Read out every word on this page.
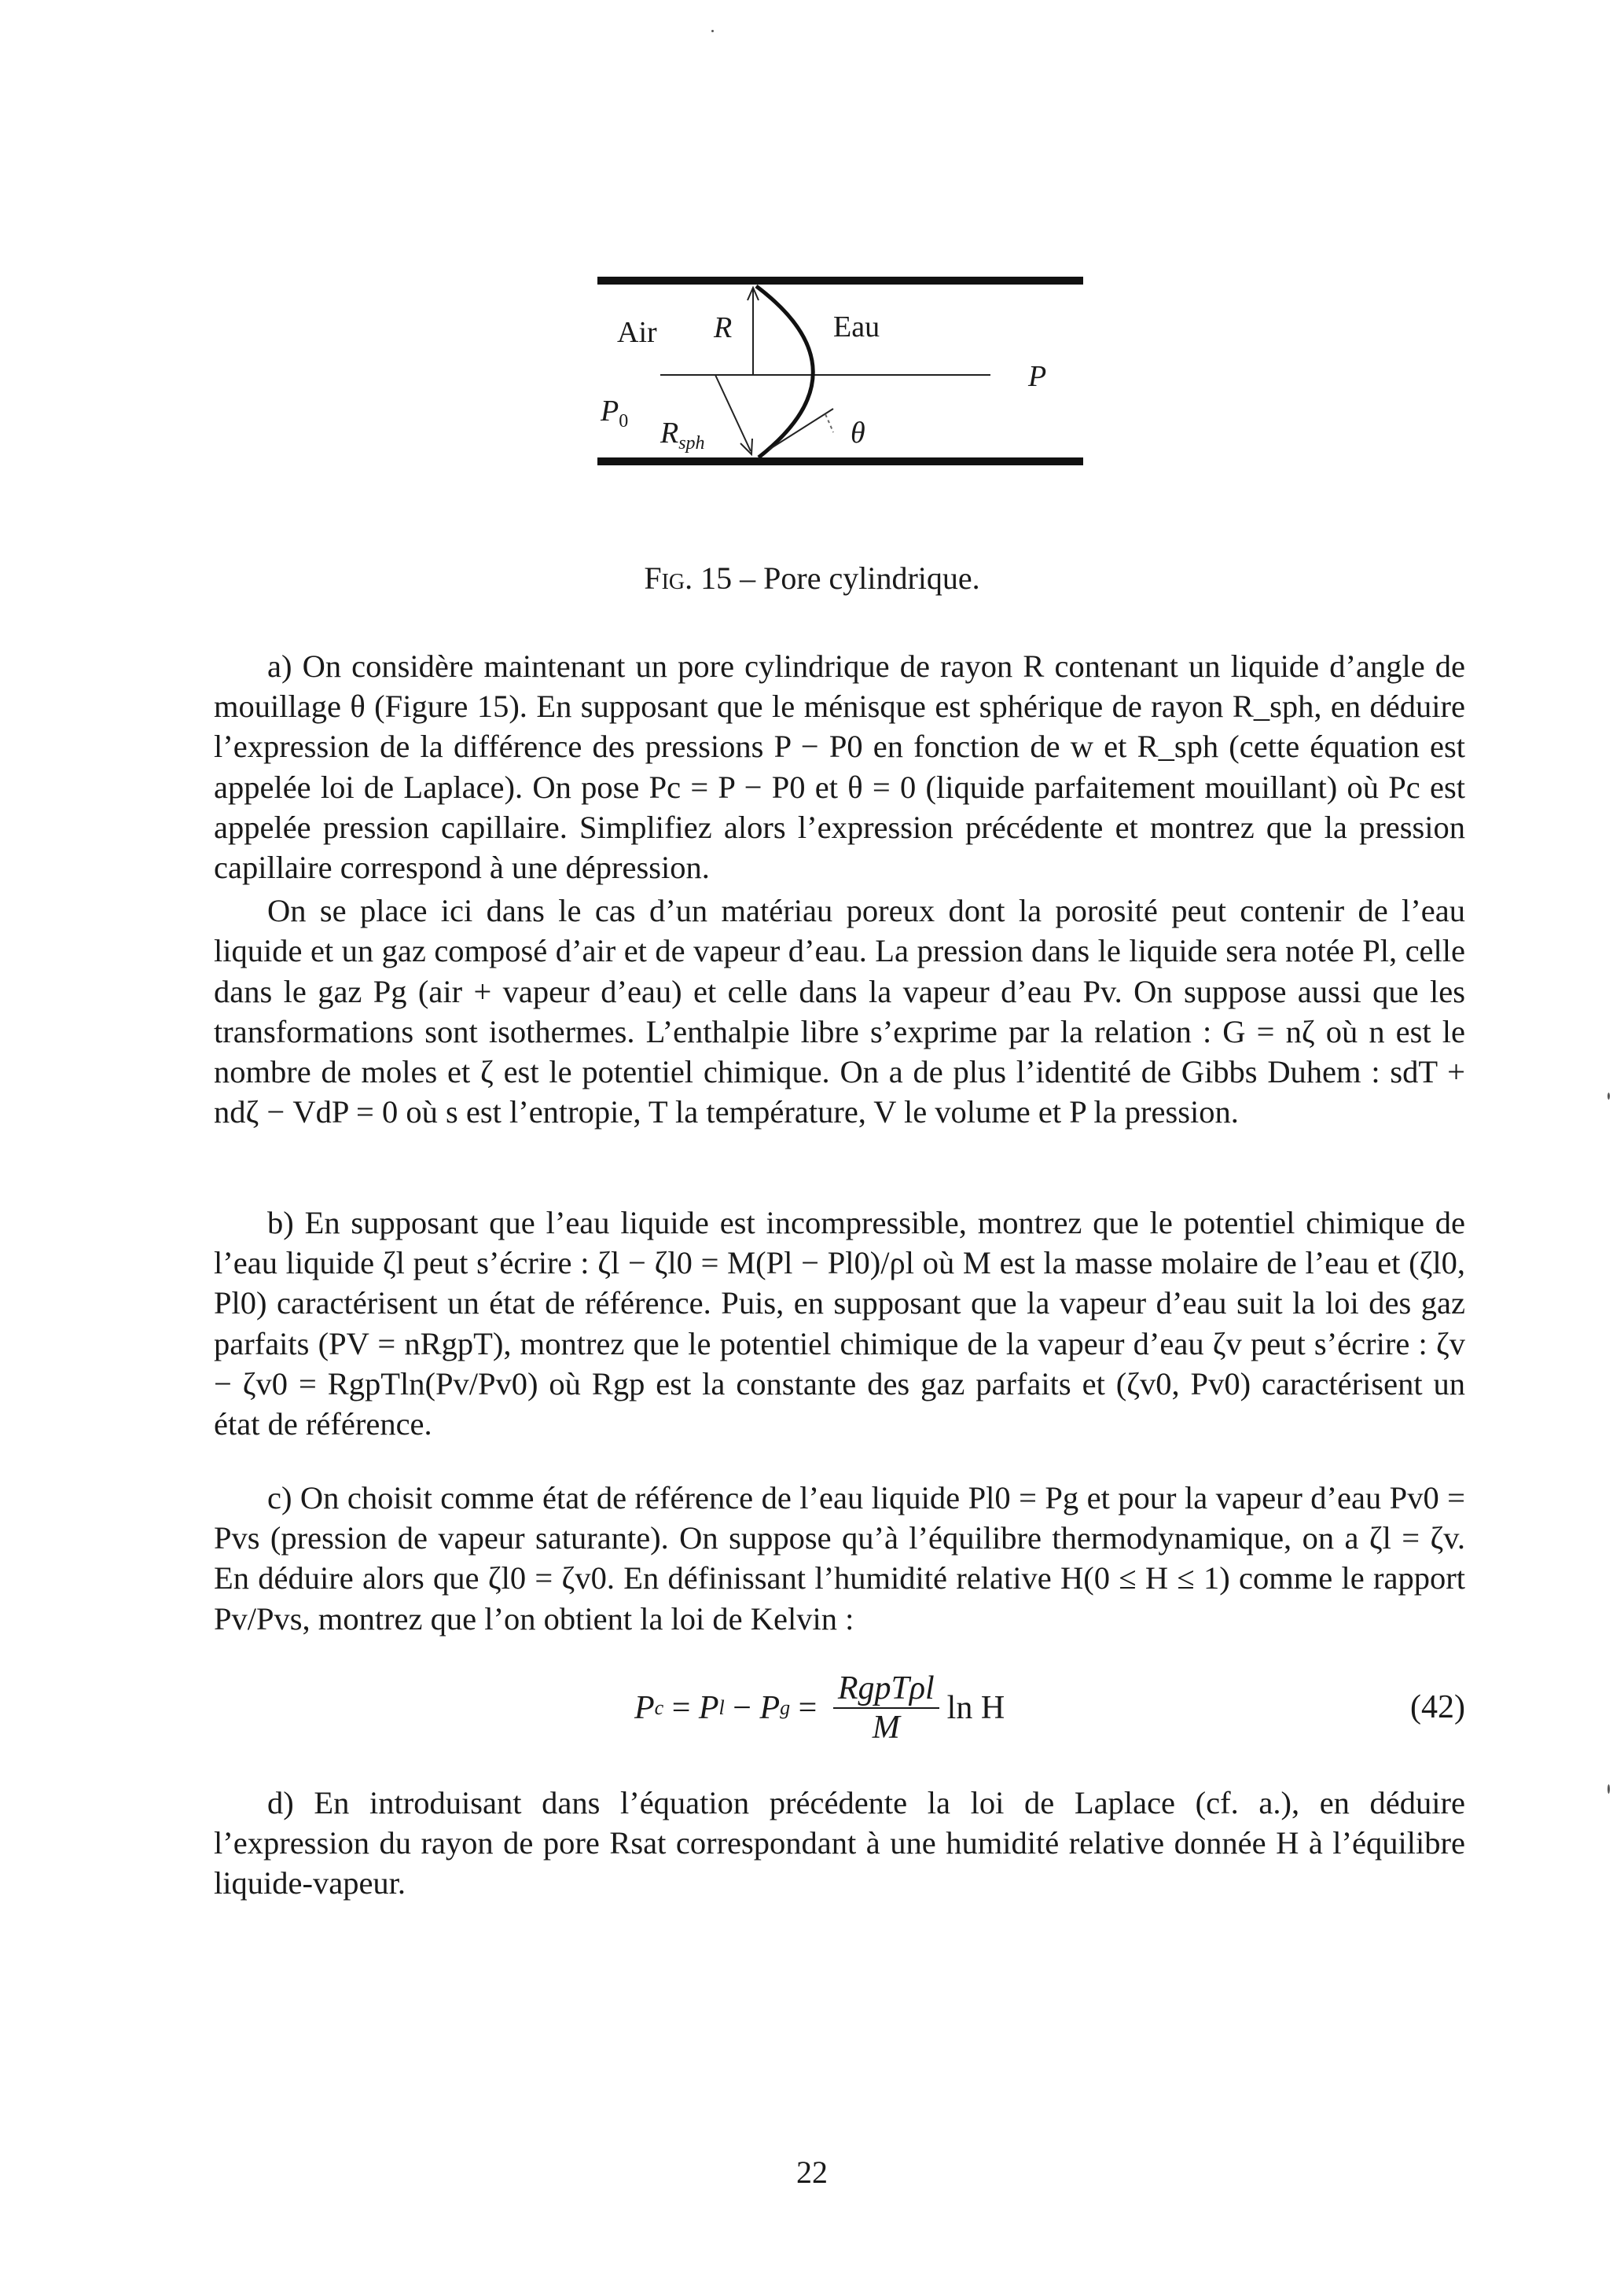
Air R	Eau
P
$P_0$ $R_{sph}$	θ
Fig. 15 – Pore cylindrique.

a) On considère maintenant un pore cylindrique de rayon R contenant un liquide d’angle de mouillage θ (Figure 15). En supposant que le ménisque est sphérique de rayon R_sph, en déduire l’expression de la différence des pressions P − P0 en fonction de w et R_sph (cette équation est appelée loi de Laplace). On pose Pc = P − P0 et θ = 0 (liquide parfaitement mouillant) où Pc est appelée pression capillaire. Simplifiez alors l’expression précédente et montrez que la pression capillaire correspond à une dépression.

On se place ici dans le cas d’un matériau poreux dont la porosité peut contenir de l’eau liquide et un gaz composé d’air et de vapeur d’eau. La pression dans le liquide sera notée Pl, celle dans le gaz Pg (air + vapeur d’eau) et celle dans la vapeur d’eau Pv. On suppose aussi que les transformations sont isothermes. L’enthalpie libre s’exprime par la relation : G = nζ où n est le nombre de moles et ζ est le potentiel chimique. On a de plus l’identité de Gibbs Duhem : sdT + ndζ − VdP = 0 où s est l’entropie, T la température, V le volume et P la pression.

b) En supposant que l’eau liquide est incompressible, montrez que le potentiel chimique de l’eau liquide ζl peut s’écrire : ζl − ζl0 = M(Pl − Pl0)/ρl où M est la masse molaire de l’eau et (ζl0, Pl0) caractérisent un état de référence. Puis, en supposant que la vapeur d’eau suit la loi des gaz parfaits (PV = nRgpT), montrez que le potentiel chimique de la vapeur d’eau ζv peut s’écrire : ζv − ζv0 = RgpTln(Pv/Pv0) où Rgp est la constante des gaz parfaits et (ζv0, Pv0) caractérisent un état de référence.

c) On choisit comme état de référence de l’eau liquide Pl0 = Pg et pour la vapeur d’eau Pv0 = Pvs (pression de vapeur saturante). On suppose qu’à l’équilibre thermodynamique, on a ζl = ζv. En déduire alors que ζl0 = ζv0. En définissant l’humidité relative H(0 ≤ H ≤ 1) comme le rapport Pv/Pvs, montrez que l’on obtient la loi de Kelvin :

P c = P l − P $g = \frac{\text{RgpTρl}}{M}$ ln H	(42)

d) En introduisant dans l’équation précédente la loi de Laplace (cf. a.), en déduire l’expression du rayon de pore Rsat correspondant à une humidité relative donnée H à l’équilibre liquide-vapeur.

22
